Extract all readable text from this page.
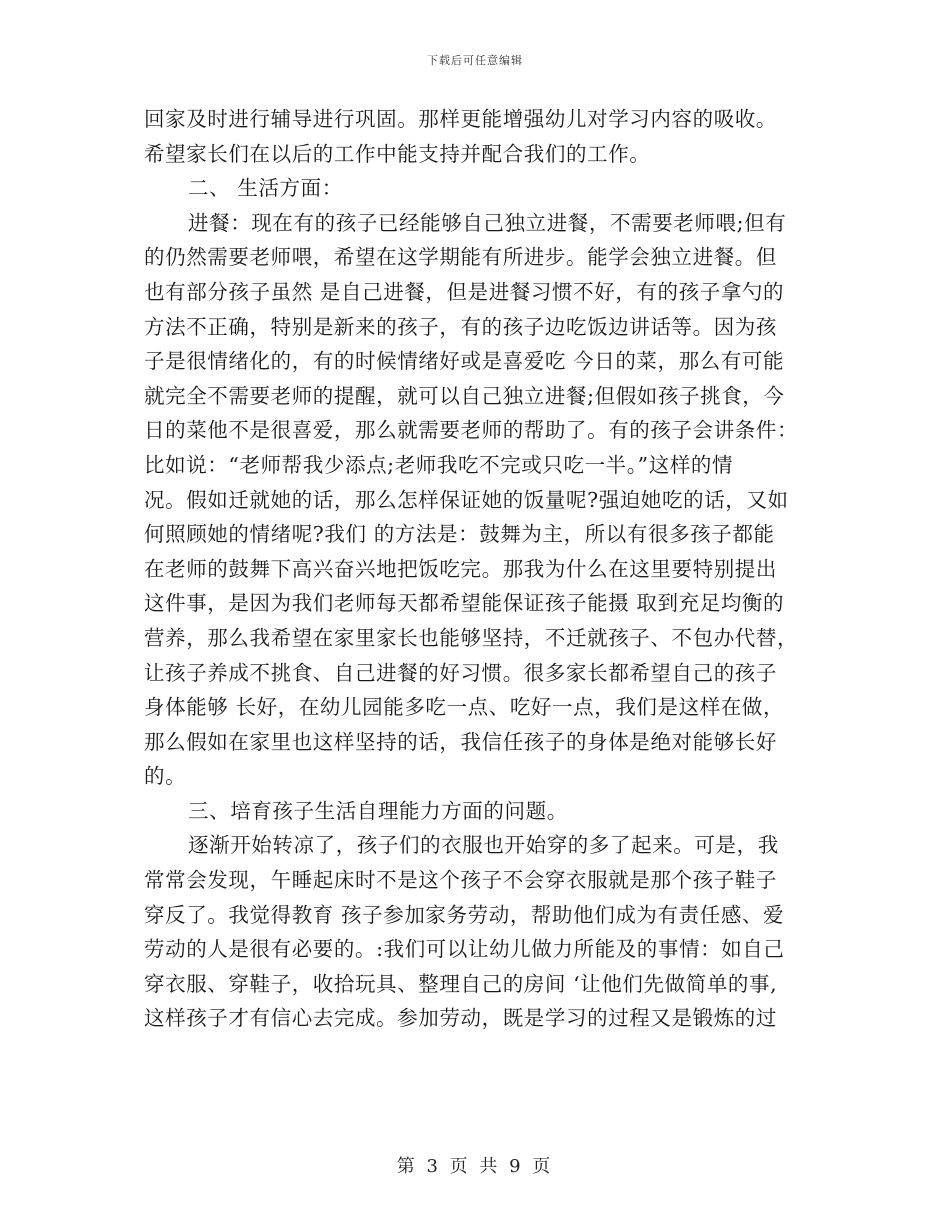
下载后可任意编辑
回家及时进行辅导进行巩固。那样更能增强幼儿对学习内容的吸收。
希望家长们在以后的工作中能支持并配合我们的工作。
二、 生活方面：
进餐：现在有的孩子已经能够自己独立进餐，不需要老师喂;但有
的仍然需要老师喂，希望在这学期能有所进步。能学会独立进餐。但
也有部分孩子虽然 是自己进餐，但是进餐习惯不好，有的孩子拿勺的
方法不正确，特别是新来的孩子，有的孩子边吃饭边讲话等。因为孩
子是很情绪化的，有的时候情绪好或是喜爱吃 今日的菜，那么有可能
就完全不需要老师的提醒，就可以自己独立进餐;但假如孩子挑食，今
日的菜他不是很喜爱，那么就需要老师的帮助了。有的孩子会讲条件：
比如说：“老师帮我少添点;老师我吃不完或只吃一半。”这样的情
况。假如迁就她的话，那么怎样保证她的饭量呢?强迫她吃的话，又如
何照顾她的情绪呢?我们 的方法是：鼓舞为主，所以有很多孩子都能
在老师的鼓舞下高兴奋兴地把饭吃完。那我为什么在这里要特别提出
这件事，是因为我们老师每天都希望能保证孩子能摄 取到充足均衡的
营养，那么我希望在家里家长也能够坚持，不迁就孩子、不包办代替，
让孩子养成不挑食、自己进餐的好习惯。很多家长都希望自己的孩子
身体能够 长好，在幼儿园能多吃一点、吃好一点，我们是这样在做，
那么假如在家里也这样坚持的话，我信任孩子的身体是绝对能够长好
的。
三、培育孩子生活自理能力方面的问题。
逐渐开始转凉了，孩子们的衣服也开始穿的多了起来。可是，我
常常会发现，午睡起床时不是这个孩子不会穿衣服就是那个孩子鞋子
穿反了。我觉得教育 孩子参加家务劳动，帮助他们成为有责任感、爱
劳动的人是很有必要的。:我们可以让幼儿做力所能及的事情：如自己
穿衣服、穿鞋子，收拾玩具、整理自己的房间 ‘让他们先做简单的事,
这样孩子才有信心去完成。参加劳动，既是学习的过程又是锻炼的过
第 3 页 共 9 页
